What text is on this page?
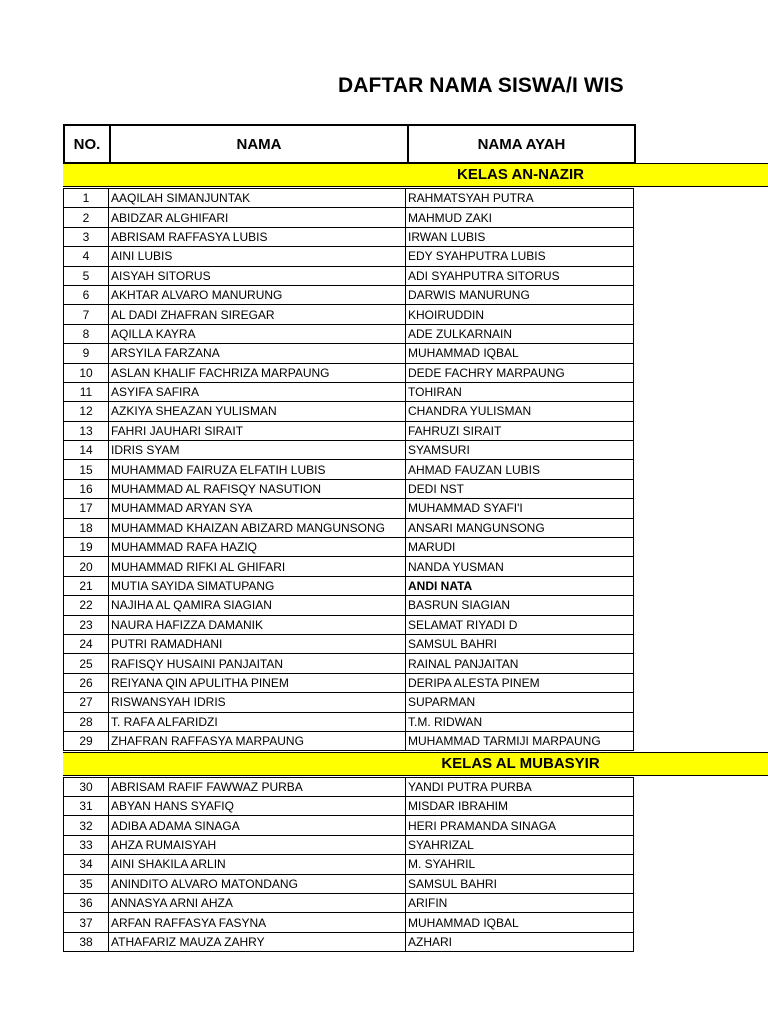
DAFTAR NAMA SISWA/I WIS
NO.	NAMA	NAMA AYAH
KELAS AN-NAZIR
1	AAQILAH SIMANJUNTAK	RAHMATSYAH PUTRA
2	ABIDZAR ALGHIFARI	MAHMUD ZAKI
3	ABRISAM RAFFASYA LUBIS	IRWAN LUBIS
4	AINI LUBIS	EDY SYAHPUTRA LUBIS
5	AISYAH SITORUS	ADI SYAHPUTRA SITORUS
6	AKHTAR ALVARO MANURUNG	DARWIS MANURUNG
7	AL DADI ZHAFRAN SIREGAR	KHOIRUDDIN
8	AQILLA KAYRA	ADE ZULKARNAIN
9	ARSYILA FARZANA	MUHAMMAD IQBAL
10	ASLAN KHALIF FACHRIZA MARPAUNG	DEDE FACHRY MARPAUNG
11	ASYIFA SAFIRA	TOHIRAN
12	AZKIYA SHEAZAN YULISMAN	CHANDRA YULISMAN
13	FAHRI JAUHARI SIRAIT	FAHRUZI SIRAIT
14	IDRIS SYAM	SYAMSURI
15	MUHAMMAD FAIRUZA ELFATIH LUBIS	AHMAD FAUZAN LUBIS
16	MUHAMMAD AL RAFISQY NASUTION	DEDI NST
17	MUHAMMAD ARYAN SYA	MUHAMMAD SYAFI'I
18	MUHAMMAD KHAIZAN ABIZARD MANGUNSONG	ANSARI MANGUNSONG
19	MUHAMMAD RAFA HAZIQ	MARUDI
20	MUHAMMAD RIFKI AL GHIFARI	NANDA YUSMAN
21	MUTIA SAYIDA SIMATUPANG	ANDI NATA
22	NAJIHA AL QAMIRA SIAGIAN	BASRUN SIAGIAN
23	NAURA HAFIZZA DAMANIK	SELAMAT RIYADI D
24	PUTRI RAMADHANI	SAMSUL BAHRI
25	RAFISQY HUSAINI PANJAITAN	RAINAL PANJAITAN
26	REIYANA QIN APULITHA PINEM	DERIPA ALESTA PINEM
27	RISWANSYAH IDRIS	SUPARMAN
28	T. RAFA ALFARIDZI	T.M. RIDWAN
29	ZHAFRAN RAFFASYA MARPAUNG	MUHAMMAD TARMIJI MARPAUNG
KELAS AL MUBASYIR
30	ABRISAM RAFIF FAWWAZ PURBA	YANDI PUTRA PURBA
31	ABYAN HANS SYAFIQ	MISDAR IBRAHIM
32	ADIBA ADAMA SINAGA	HERI PRAMANDA SINAGA
33	AHZA RUMAISYAH	SYAHRIZAL
34	AINI SHAKILA ARLIN	M. SYAHRIL
35	ANINDITO ALVARO MATONDANG	SAMSUL BAHRI
36	ANNASYA ARNI AHZA	ARIFIN
37	ARFAN RAFFASYA FASYNA	MUHAMMAD IQBAL
38	ATHAFARIZ MAUZA ZAHRY	AZHARI
